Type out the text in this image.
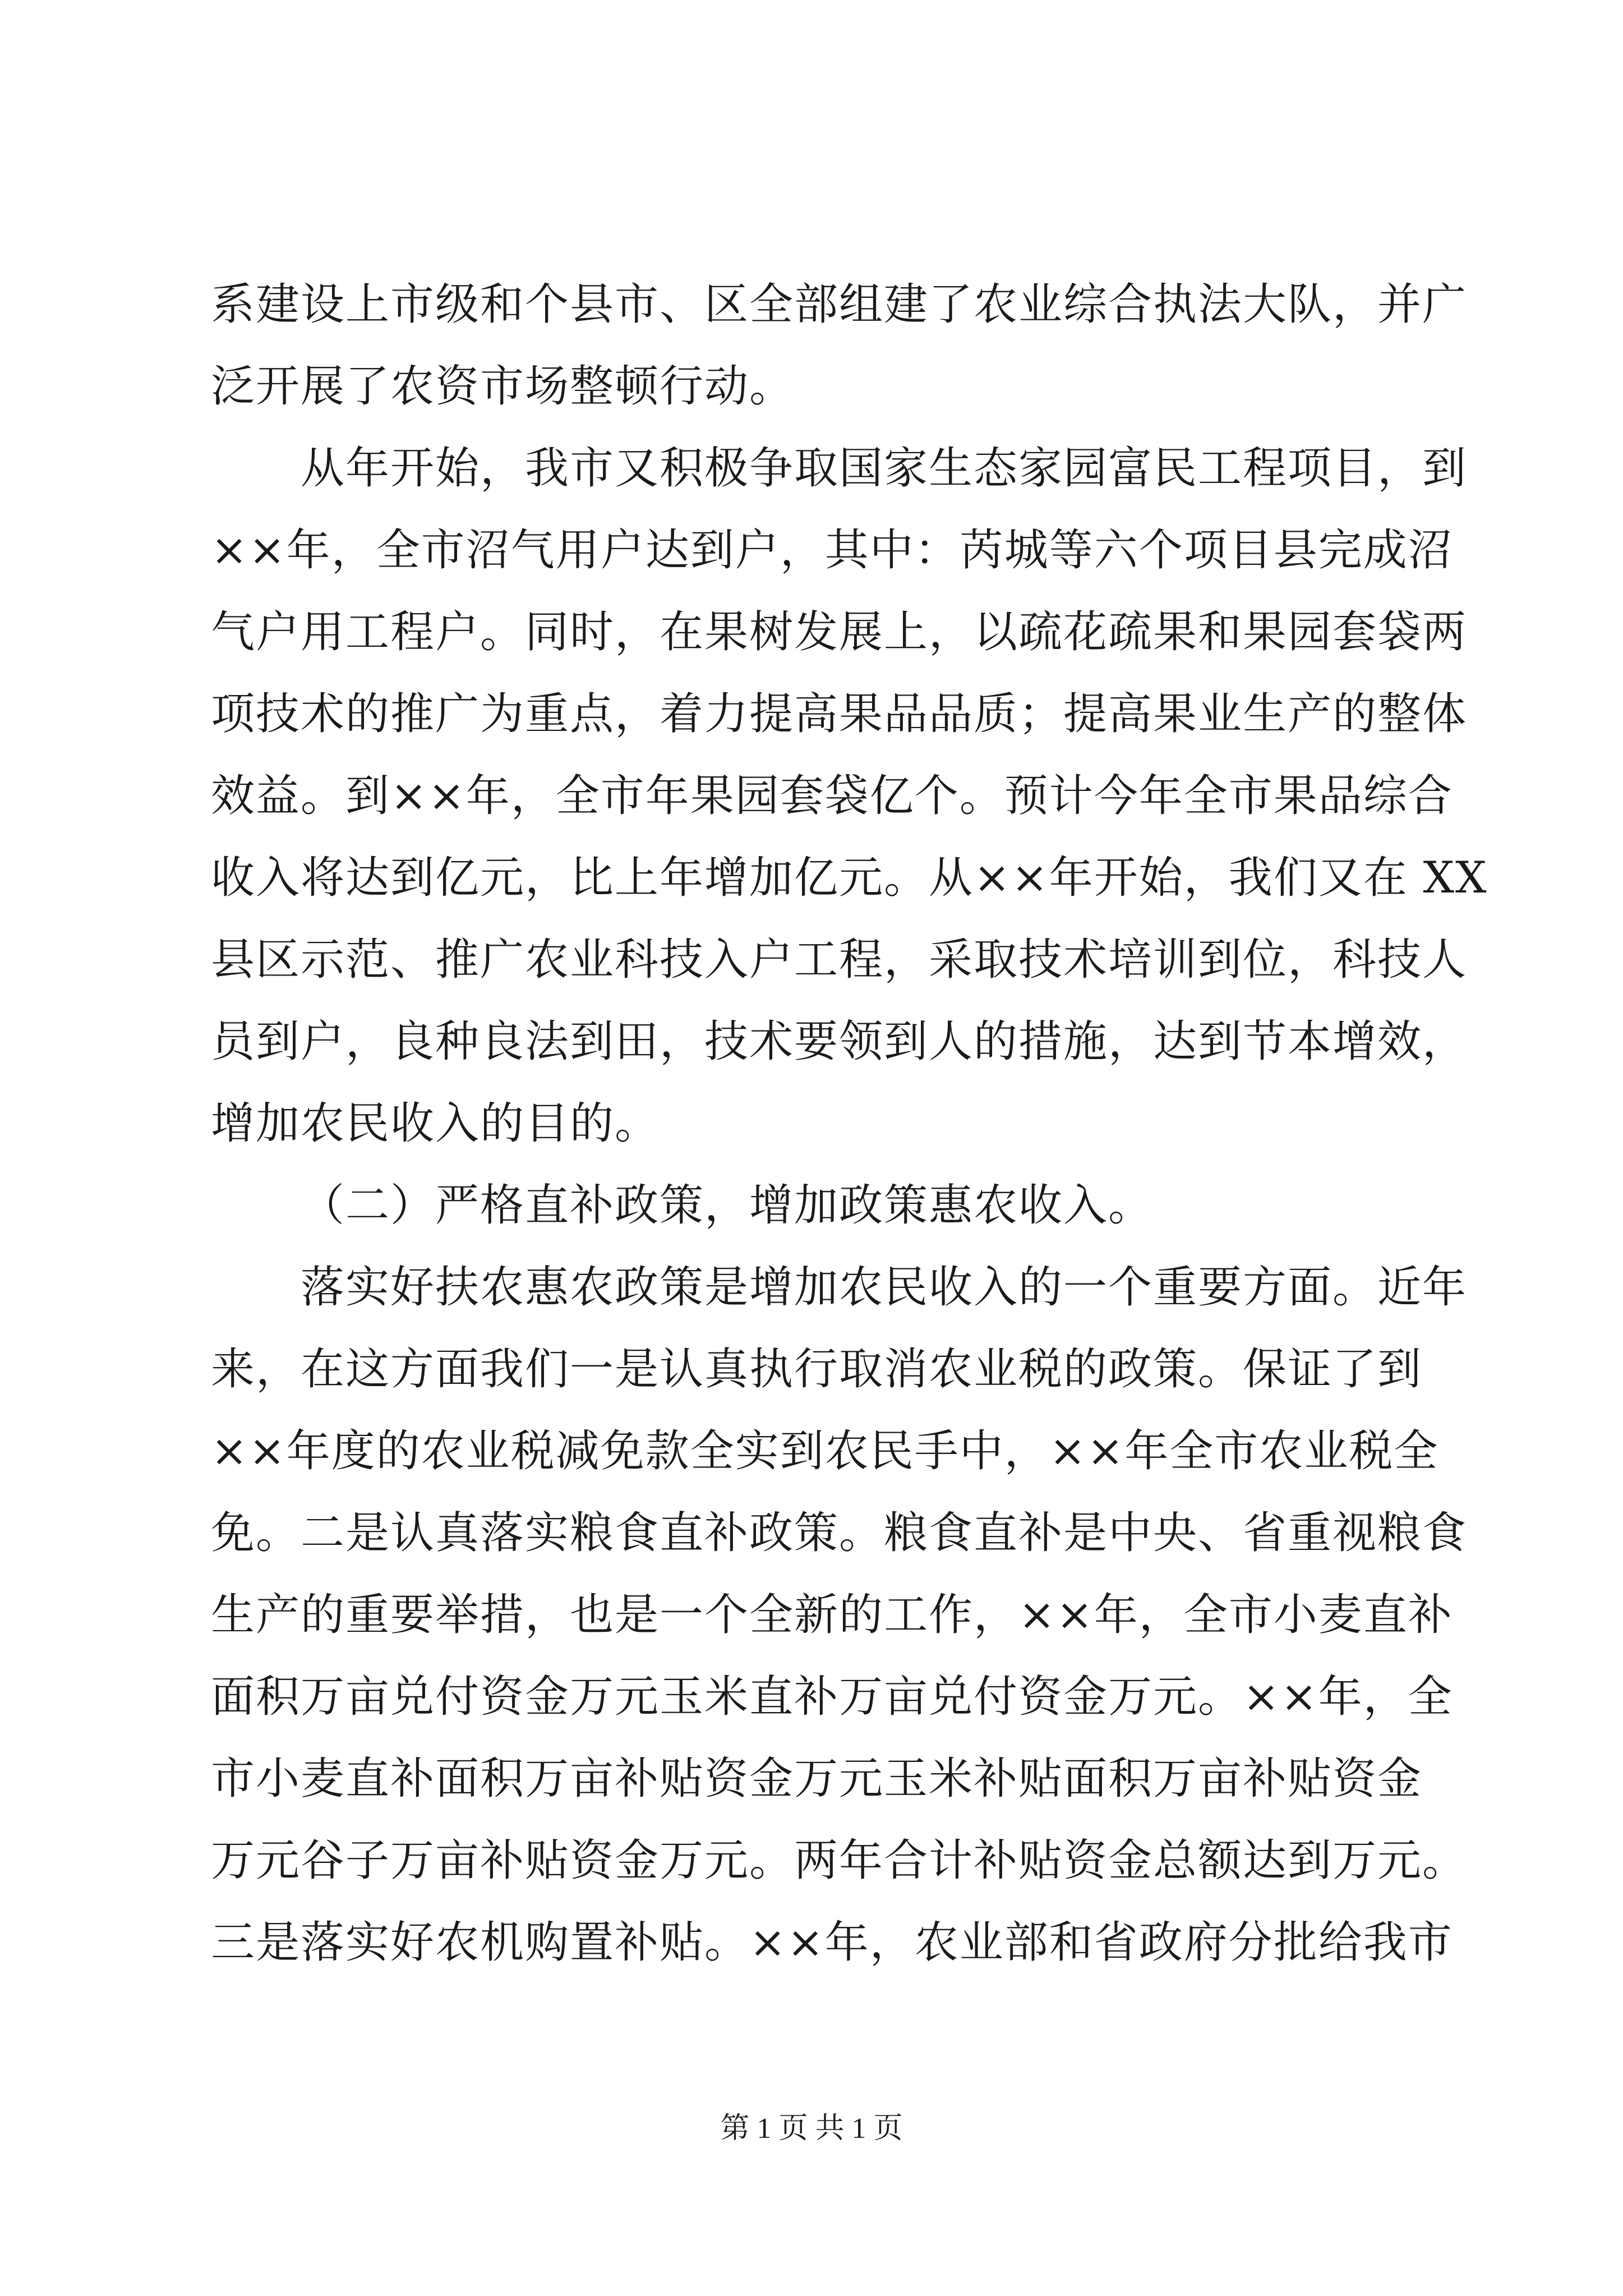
系建设上市级和个县市、区全部组建了农业综合执法大队，并广
泛开展了农资市场整顿行动。
从年开始，我市又积极争取国家生态家园富民工程项目，到
××年，全市沼气用户达到户，其中：芮城等六个项目县完成沼
气户用工程户。同时，在果树发展上，以疏花疏果和果园套袋两
项技术的推广为重点，着力提高果品品质；提高果业生产的整体
效益。到××年，全市年果园套袋亿个。预计今年全市果品综合
收入将达到亿元，比上年增加亿元。从××年开始，我们又在 XX
县区示范、推广农业科技入户工程，采取技术培训到位，科技人
员到户，良种良法到田，技术要领到人的措施，达到节本增效，
增加农民收入的目的。
（二）严格直补政策，增加政策惠农收入。
落实好扶农惠农政策是增加农民收入的一个重要方面。近年
来，在这方面我们一是认真执行取消农业税的政策。保证了到
××年度的农业税减免款全实到农民手中，××年全市农业税全
免。二是认真落实粮食直补政策。粮食直补是中央、省重视粮食
生产的重要举措，也是一个全新的工作，××年，全市小麦直补
面积万亩兑付资金万元玉米直补万亩兑付资金万元。××年，全
市小麦直补面积万亩补贴资金万元玉米补贴面积万亩补贴资金
万元谷子万亩补贴资金万元。两年合计补贴资金总额达到万元。
三是落实好农机购置补贴。××年，农业部和省政府分批给我市
第 1 页 共 1 页
